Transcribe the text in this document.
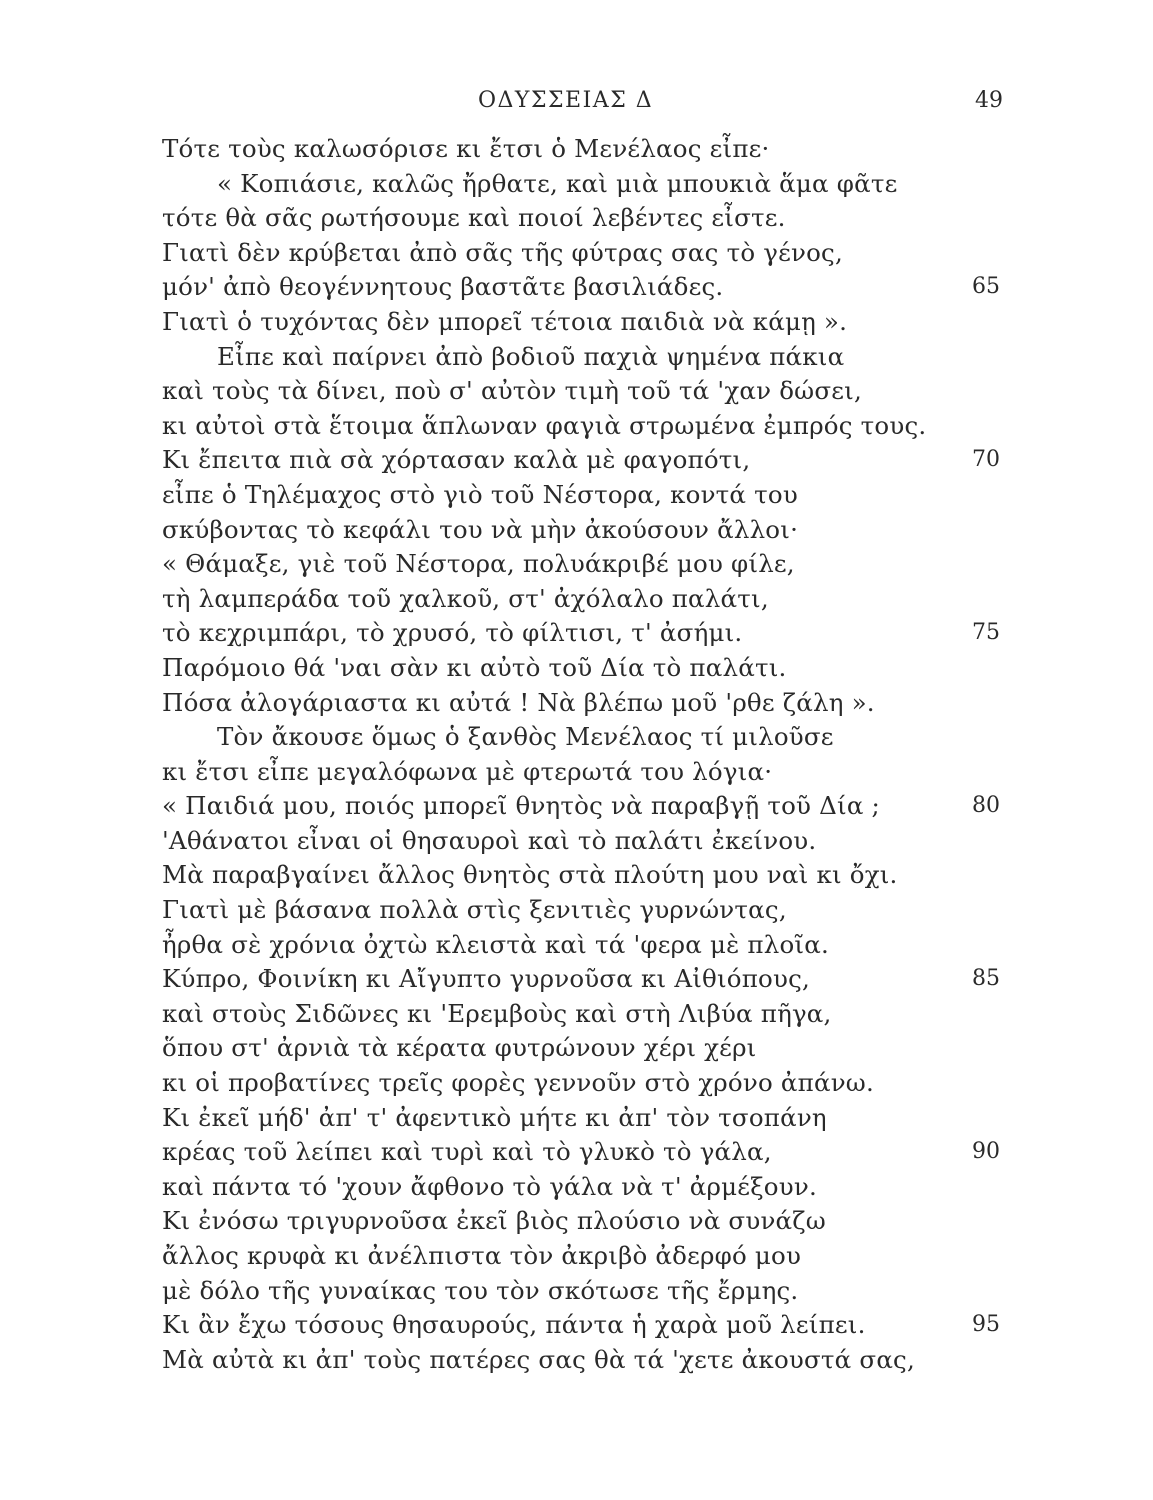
ΟΔΥΣΣΕΙΑΣ Δ	49
Τότε τοὺς καλωσόρισε κι ἔτσι ὁ Μενέλαος εἶπε·
« Κοπιάσιε, καλῶς ἤρθατε, καὶ μιὰ μπουκιὰ ἅμα φᾶτε
τότε θὰ σᾶς ρωτήσουμε καὶ ποιοί λεβέντες εἶστε.
Γιατὶ δὲν κρύβεται ἀπὸ σᾶς τῆς φύτρας σας τὸ γένος,
μόν' ἀπὸ θεογέννητους βαστᾶτε βασιλιάδες.	65
Γιατὶ ὁ τυχόντας δὲν μπορεῖ τέτοια παιδιὰ νὰ κάμῃ ».
Εἶπε καὶ παίρνει ἀπὸ βοδιοῦ παχιὰ ψημένα πάκια
καὶ τοὺς τὰ δίνει, ποὺ σ' αὐτὸν τιμὴ τοῦ τά 'χαν δώσει,
κι αὐτοὶ στὰ ἕτοιμα ἅπλωναν φαγιὰ στρωμένα ἐμπρός τους.
Κι ἔπειτα πιὰ σὰ χόρτασαν καλὰ μὲ φαγοπότι,	70
εἶπε ὁ Τηλέμαχος στὸ γιὸ τοῦ Νέστορα, κοντά του
σκύβοντας τὸ κεφάλι του νὰ μὴν ἀκούσουν ἄλλοι·
« Θάμαξε, γιὲ τοῦ Νέστορα, πολυάκριβέ μου φίλε,
τὴ λαμπεράδα τοῦ χαλκοῦ, στ' ἀχόλαλο παλάτι,
τὸ κεχριμπάρι, τὸ χρυσό, τὸ φίλτισι, τ' ἀσήμι.	75
Παρόμοιο θά 'ναι σὰν κι αὐτὸ τοῦ Δία τὸ παλάτι.
Πόσα ἀλογάριαστα κι αὐτά ! Νὰ βλέπω μοῦ 'ρθε ζάλη ».
Τὸν ἄκουσε ὅμως ὁ ξανθὸς Μενέλαος τί μιλοῦσε
κι ἔτσι εἶπε μεγαλόφωνα μὲ φτερωτά του λόγια·
« Παιδιά μου, ποιός μπορεῖ θνητὸς νὰ παραβγῇ τοῦ Δία ;	80
'Αθάνατοι εἶναι οἱ θησαυροὶ καὶ τὸ παλάτι ἐκείνου.
Μὰ παραβγαίνει ἄλλος θνητὸς στὰ πλούτη μου ναὶ κι ὄχι.
Γιατὶ μὲ βάσανα πολλὰ στὶς ξενιτιὲς γυρνώντας,
ἦρθα σὲ χρόνια ὀχτὼ κλειστὰ καὶ τά 'φερα μὲ πλοῖα.
Κύπρο, Φοινίκη κι Αἴγυπτο γυρνοῦσα κι Αἰθιόπους,	85
καὶ στοὺς Σιδῶνες κι 'Ερεμβοὺς καὶ στὴ Λιβύα πῆγα,
ὅπου στ' ἀρνιὰ τὰ κέρατα φυτρώνουν χέρι χέρι
κι οἱ προβατίνες τρεῖς φορὲς γεννοῦν στὸ χρόνο ἀπάνω.
Κι ἐκεῖ μήδ' ἀπ' τ' ἀφεντικὸ μήτε κι ἀπ' τὸν τσοπάνη
κρέας τοῦ λείπει καὶ τυρὶ καὶ τὸ γλυκὸ τὸ γάλα,	90
καὶ πάντα τό 'χουν ἄφθονο τὸ γάλα νὰ τ' ἀρμέξουν.
Κι ἐνόσω τριγυρνοῦσα ἐκεῖ βιὸς πλούσιο νὰ συνάζω
ἄλλος κρυφὰ κι ἀνέλπιστα τὸν ἀκριβὸ ἀδερφό μου
μὲ δόλο τῆς γυναίκας του τὸν σκότωσε τῆς ἔρμης.
Κι ἂν ἔχω τόσους θησαυρούς, πάντα ἡ χαρὰ μοῦ λείπει.	95
Μὰ αὐτὰ κι ἀπ' τοὺς πατέρες σας θὰ τά 'χετε ἀκουστά σας,
